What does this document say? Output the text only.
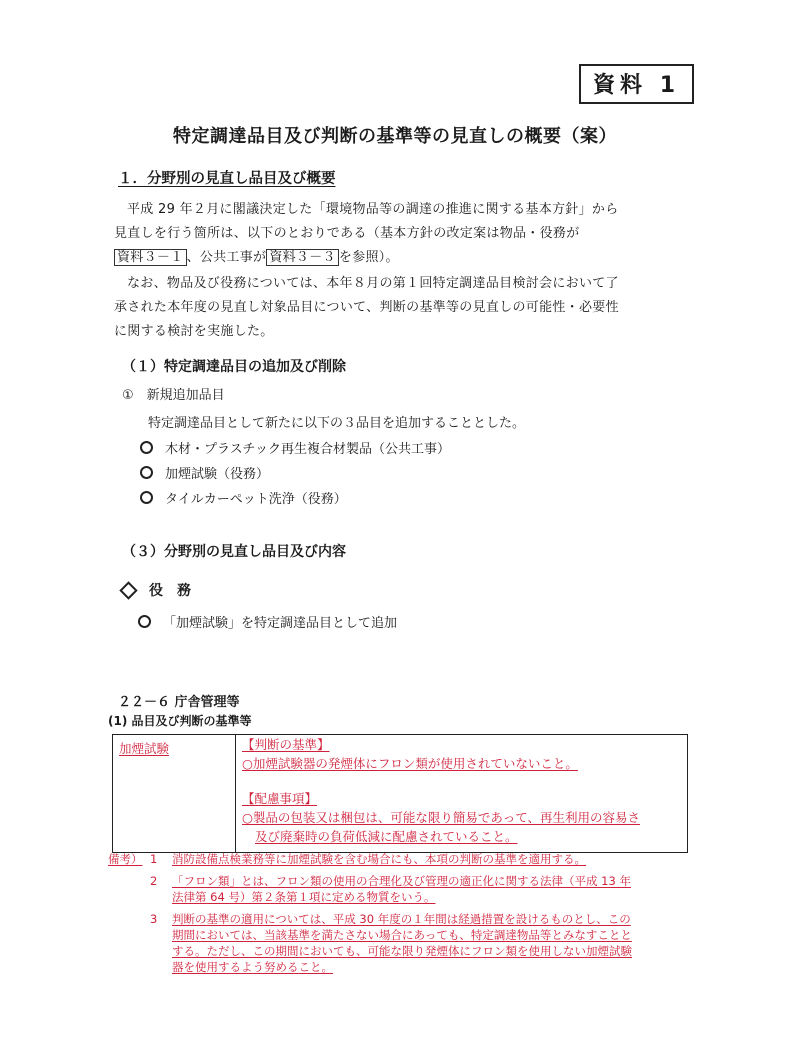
資料 1
特定調達品目及び判断の基準等の見直しの概要（案）
１．分野別の見直し品目及び概要
平成 29 年２月に閣議決定した「環境物品等の調達の推進に関する基本方針」から
見直しを行う箇所は、以下のとおりである（基本方針の改定案は物品・役務が
資料３－１ 、公共工事が 資料３－３ を参照）。
なお、物品及び役務については、本年８月の第１回特定調達品目検討会において了
承された本年度の見直し対象品目について、判断の基準等の見直しの可能性・必要性
に関する検討を実施した。
（１）特定調達品目の追加及び削除
①　新規追加品目
特定調達品目として新たに以下の３品目を追加することとした。
木材・プラスチック再生複合材製品（公共工事）
加煙試験（役務）
タイルカーペット洗浄（役務）
（３）分野別の見直し品目及び内容
役　務
「加煙試験」を特定調達品目として追加
２２－６ 庁舎管理等
(1) 品目及び判断の基準等
加煙試験	【判断の基準】
○加煙試験器の発煙体にフロン類が使用されていないこと。
【配慮事項】
○製品の包装又は梱包は、可能な限り簡易であって、再生利用の容易さ
及び廃棄時の負荷低減に配慮されていること。
備考） 1	消防設備点検業務等に加煙試験を含む場合にも、本項の判断の基準を適用する。
2	「フロン類」とは、フロン類の使用の合理化及び管理の適正化に関する法律（平成 13 年
法律第 64 号）第２条第１項に定める物質をいう。
3	判断の基準の適用については、平成 30 年度の１年間は経過措置を設けるものとし、この
期間においては、当該基準を満たさない場合にあっても、特定調達物品等とみなすことと
する。ただし、この期間においても、可能な限り発煙体にフロン類を使用しない加煙試験
器を使用するよう努めること。
